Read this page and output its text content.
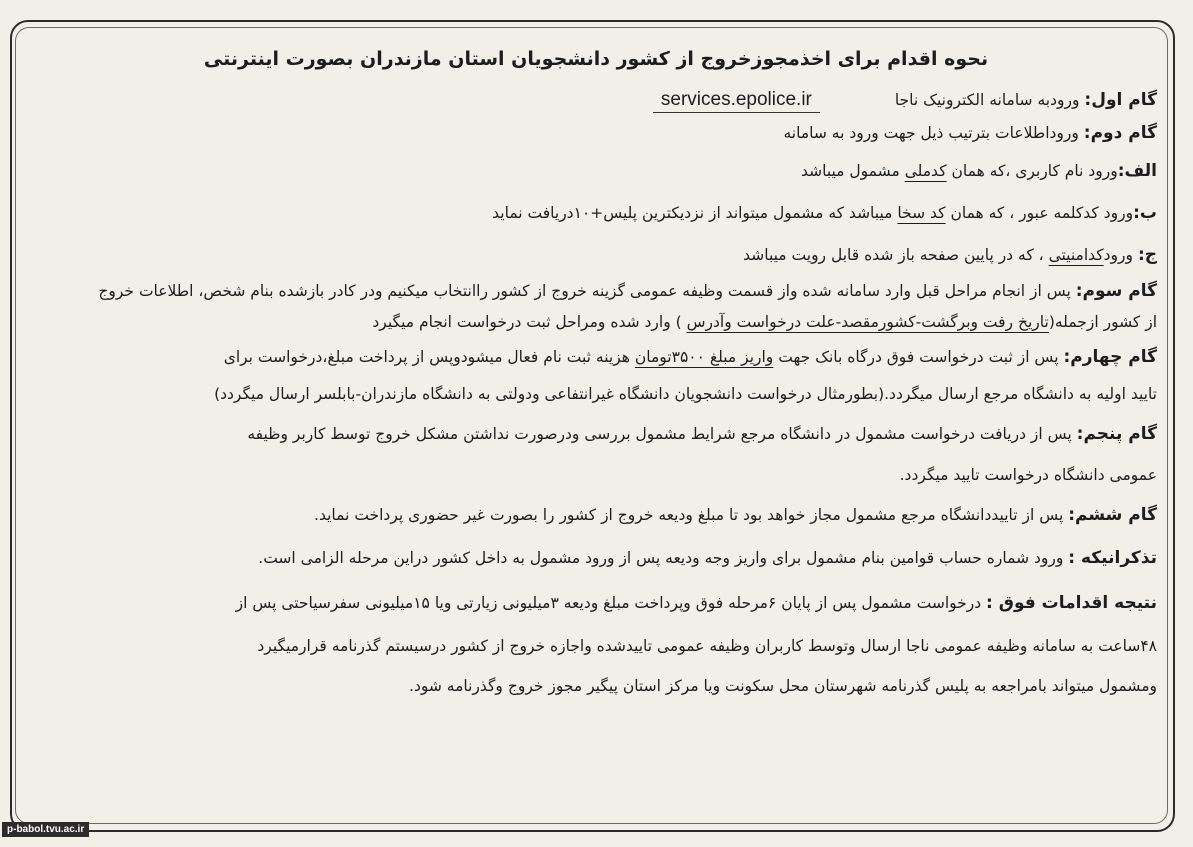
نحوه اقدام برای اخذمجوزخروج از کشور دانشجویان استان مازندران بصورت اینترنتی
گام اول: ورودبه سامانه الکترونیک ناجا services.epolice.ir
گام دوم: وروداطلاعات بترتیب ذیل جهت ورود به سامانه
الف:ورود نام کاربری ،که همان کدملی مشمول میباشد
ب:ورود کدکلمه عبور ، که همان کد سخا میباشد که مشمول میتواند از نزدیکترین پلیس+۱۰دریافت نماید
ج: ورودکدامنیتی ، که در پایین صفحه باز شده قابل رویت میباشد
گام سوم: پس از انجام مراحل قبل وارد سامانه شده واز قسمت وظیفه عمومی گزینه خروج از کشور راانتخاب میکنیم ودر کادر بازشده بنام شخص، اطلاعات خروج
از کشور ازجمله(تاریخ رفت وبرگشت-کشورمقصد-علت درخواست وآدرس ) وارد شده ومراحل ثبت درخواست انجام میگیرد
گام چهارم: پس از ثبت درخواست فوق درگاه بانک جهت واریز مبلغ ۳۵۰۰تومان هزینه ثبت نام فعال میشودوپس از پرداخت مبلغ،درخواست برای
تایید اولیه به دانشگاه مرجع ارسال میگردد.(بطورمثال درخواست دانشجویان دانشگاه غیرانتفاعی ودولتی به دانشگاه مازندران-بابلسر ارسال میگردد)
گام پنجم: پس از دریافت درخواست مشمول در دانشگاه مرجع شرایط مشمول بررسی ودرصورت نداشتن مشکل خروج توسط کاربر وظیفه
عمومی دانشگاه درخواست تایید میگردد.
گام ششم: پس از تاییددانشگاه مرجع مشمول مجاز خواهد بود تا مبلغ ودیعه خروج از کشور را بصورت غیر حضوری پرداخت نماید.
تذکرانیکه : ورود شماره حساب قوامین بنام مشمول برای واریز وجه ودیعه پس از ورود مشمول به داخل کشور دراین مرحله الزامی است.
نتیجه اقدامات فوق : درخواست مشمول پس از پایان ۶مرحله فوق وپرداخت مبلغ ودیعه ۳میلیونی زیارتی ویا ۱۵میلیونی سفرسیاحتی پس از
۴۸ساعت به سامانه وظیفه عمومی ناجا ارسال وتوسط کاربران وظیفه عمومی تاییدشده واجازه خروج از کشور درسیستم گذرنامه قرارمیگیرد
ومشمول میتواند بامراجعه به پلیس گذرنامه شهرستان محل سکونت ویا مرکز استان پیگیر مجوز خروج وگذرنامه شود.
p-babol.tvu.ac.ir
